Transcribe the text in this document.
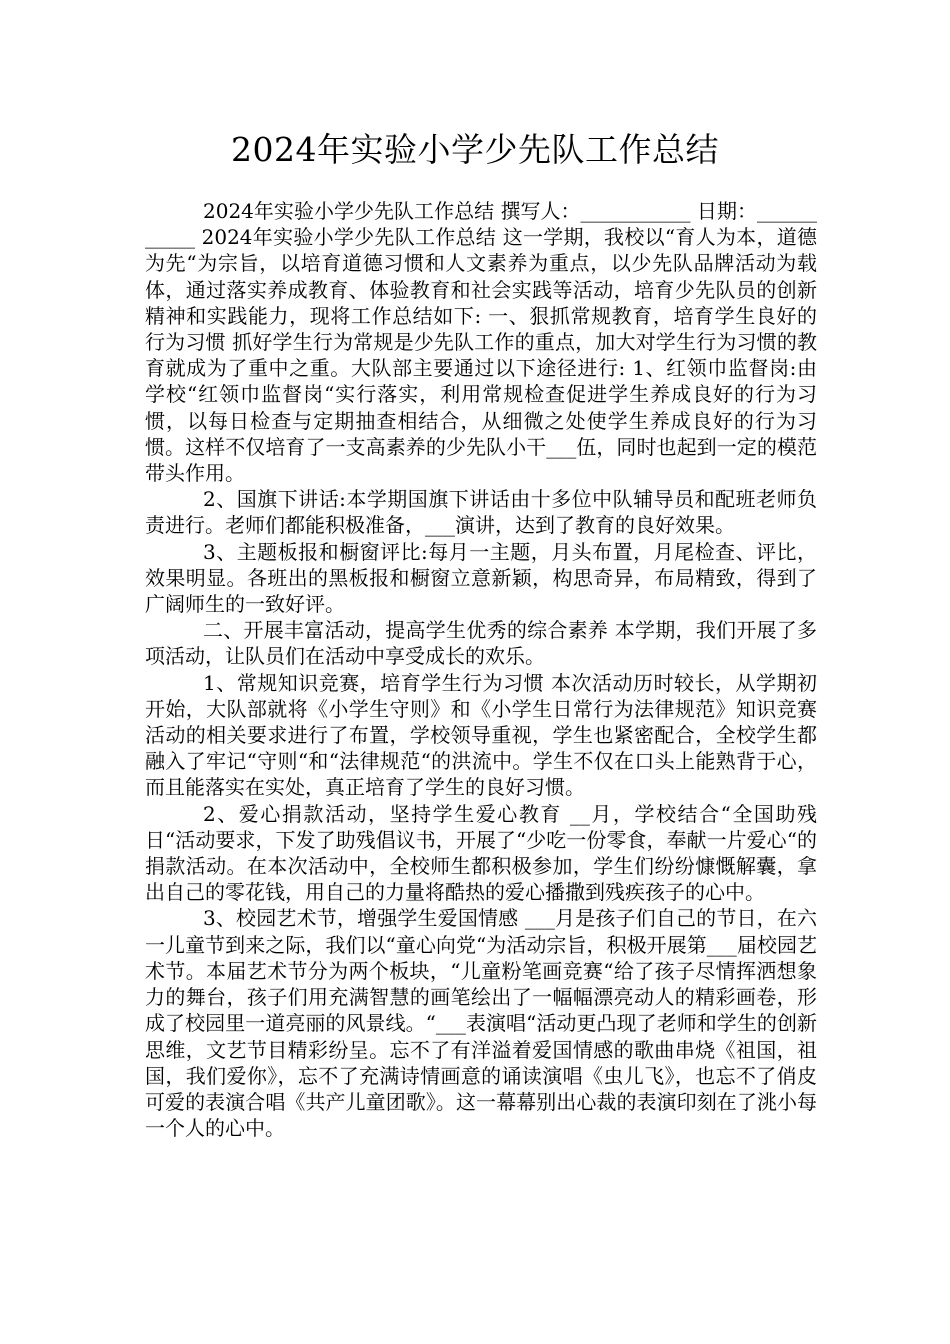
2024年实验小学少先队工作总结

2024年实验小学少先队工作总结 撰写人：___________ 日期：___________ 2024年实验小学少先队工作总结 这一学期，我校以“育人为本，道德为先“为宗旨，以培育道德习惯和人文素养为重点，以少先队品牌活动为载体，通过落实养成教育、体验教育和社会实践等活动，培育少先队员的创新精神和实践能力，现将工作总结如下: 一、狠抓常规教育，培育学生良好的行为习惯 抓好学生行为常规是少先队工作的重点，加大对学生行为习惯的教育就成为了重中之重。大队部主要通过以下途径进行: 1、红领巾监督岗:由学校“红领巾监督岗“实行落实，利用常规检查促进学生养成良好的行为习惯，以每日检查与定期抽查相结合，从细微之处使学生养成良好的行为习惯。这样不仅培育了一支高素养的少先队小干___伍，同时也起到一定的模范带头作用。

2、国旗下讲话:本学期国旗下讲话由十多位中队辅导员和配班老师负责进行。老师们都能积极准备，___演讲，达到了教育的良好效果。

3、主题板报和橱窗评比:每月一主题，月头布置，月尾检查、评比，效果明显。各班出的黑板报和橱窗立意新颖，构思奇异，布局精致，得到了广阔师生的一致好评。

二、开展丰富活动，提高学生优秀的综合素养 本学期，我们开展了多项活动，让队员们在活动中享受成长的欢乐。

1、常规知识竞赛，培育学生行为习惯 本次活动历时较长，从学期初开始，大队部就将《小学生守则》和《小学生日常行为法律规范》知识竞赛活动的相关要求进行了布置，学校领导重视，学生也紧密配合，全校学生都融入了牢记“守则“和“法律规范“的洪流中。学生不仅在口头上能熟背于心，而且能落实在实处，真正培育了学生的良好习惯。

2、爱心捐款活动，坚持学生爱心教育 __月，学校结合“全国助残日“活动要求，下发了助残倡议书，开展了“少吃一份零食，奉献一片爱心“的捐款活动。在本次活动中，全校师生都积极参加，学生们纷纷慷慨解囊，拿出自己的零花钱，用自己的力量将酷热的爱心播撒到残疾孩子的心中。

3、校园艺术节，增强学生爱国情感 ___月是孩子们自己的节日，在六一儿童节到来之际，我们以“童心向党“为活动宗旨，积极开展第___届校园艺术节。本届艺术节分为两个板块，“儿童粉笔画竞赛“给了孩子尽情挥洒想象力的舞台，孩子们用充满智慧的画笔绘出了一幅幅漂亮动人的精彩画卷，形成了校园里一道亮丽的风景线。“___表演唱“活动更凸现了老师和学生的创新思维，文艺节目精彩纷呈。忘不了有洋溢着爱国情感的歌曲串烧《祖国，祖国，我们爱你》，忘不了充满诗情画意的诵读演唱《虫儿飞》，也忘不了俏皮可爱的表演合唱《共产儿童团歌》。这一幕幕别出心裁的表演印刻在了洮小每一个人的心中。
